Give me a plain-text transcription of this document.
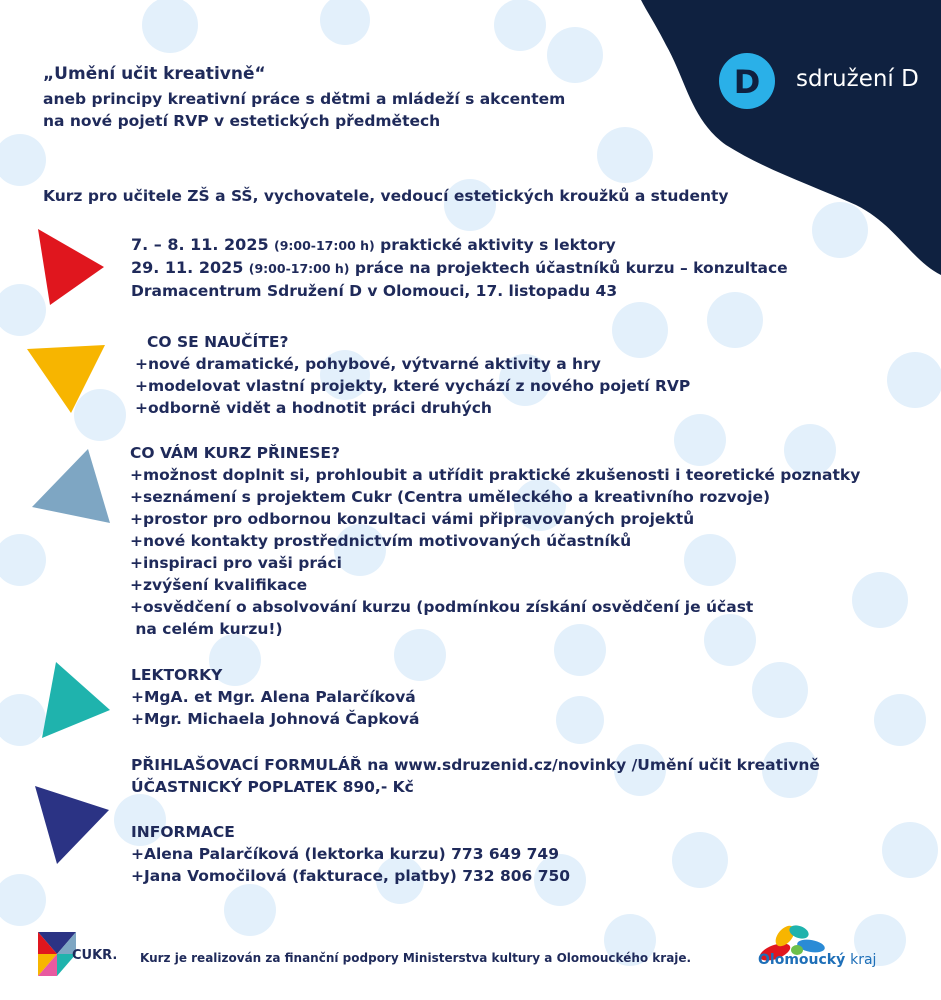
D sdružení D
„Umění učit kreativně“
aneb principy kreativní práce s dětmi a mládeží s akcentem
na nové pojetí RVP v estetických předmětech
Kurz pro učitele ZŠ a SŠ, vychovatele, vedoucí estetických kroužků a studenty
7. – 8. 11. 2025 (9:00-17:00 h) praktické aktivity s lektory
29. 11. 2025 (9:00-17:00 h) práce na projektech účastníků kurzu – konzultace
Dramacentrum Sdružení D v Olomouci, 17. listopadu 43
CO SE NAUČÍTE?
+nové dramatické, pohybové, výtvarné aktivity a hry
+modelovat vlastní projekty, které vychází z nového pojetí RVP
+odborně vidět a hodnotit práci druhých
CO VÁM KURZ PŘINESE?
+možnost doplnit si, prohloubit a utřídit praktické zkušenosti i teoretické poznatky
+seznámení s projektem Cukr (Centra uměleckého a kreativního rozvoje)
+prostor pro odbornou konzultaci vámi připravovaných projektů
+nové kontakty prostřednictvím motivovaných účastníků
+inspiraci pro vaši práci
+zvýšení kvalifikace
+osvědčení o absolvování kurzu (podmínkou získání osvědčení je účast
na celém kurzu!)
LEKTORKY
+MgA. et Mgr. Alena Palarčíková
+Mgr. Michaela Johnová Čapková
PŘIHLAŠOVACÍ FORMULÁŘ na www.sdruzenid.cz/novinky /Umění učit kreativně
ÚČASTNICKÝ POPLATEK 890,- Kč
INFORMACE
+Alena Palarčíková (lektorka kurzu) 773 649 749
+Jana Vomočilová (fakturace, platby) 732 806 750
CUKR. Kurz je realizován za finanční podpory Ministerstva kultury a Olomouckého kraje.	Olomoucký kraj
